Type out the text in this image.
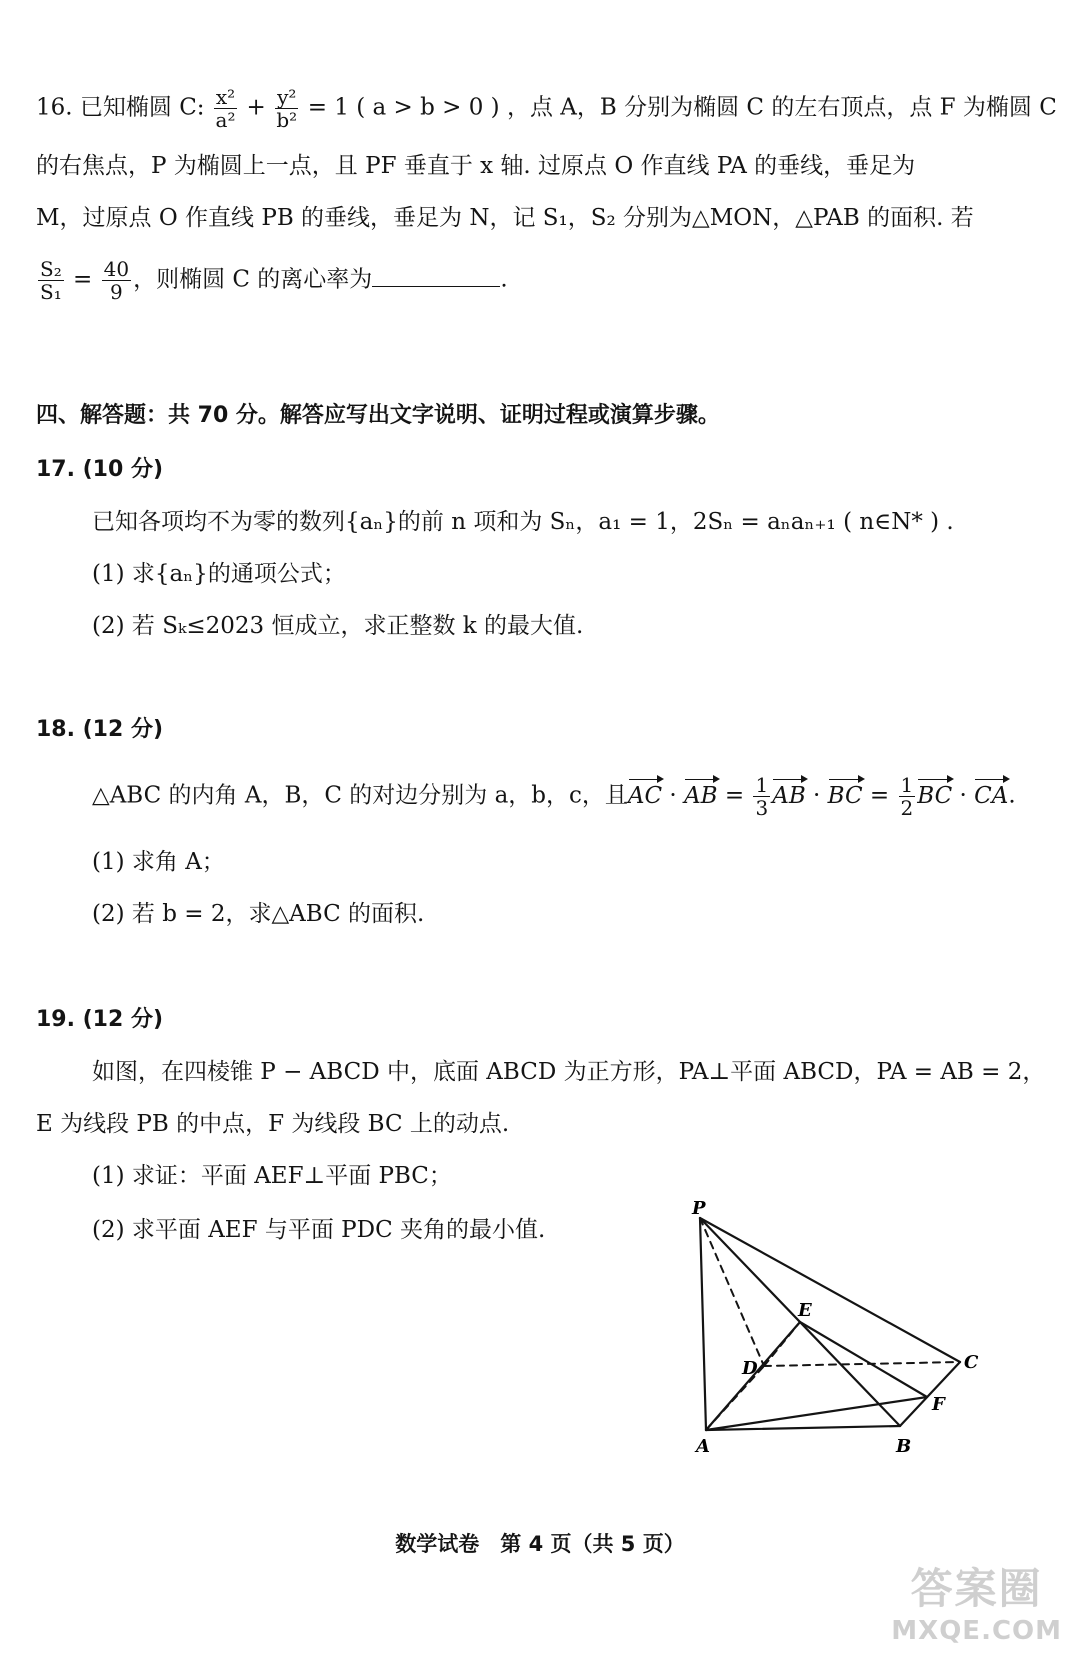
16. 已知椭圆 C: $\frac{\text{x²}}{\text{a²}} + \frac{\text{y²}}{\text{b²}} = 1$ ( a > b > 0 ) ，点 A，B 分别为椭圆 C 的左右顶点，点 F 为椭圆 C
的右焦点，P 为椭圆上一点，且 PF 垂直于 x 轴. 过原点 O 作直线 PA 的垂线，垂足为
M，过原点 O 作直线 PB 的垂线，垂足为 N，记 S₁，S₂ 分别为△MON，△PAB 的面积. 若
$\frac{\text{S₂}}{\text{S₁}} = \frac{40}{9}$ ，则椭圆 C 的离心率为	.
四、解答题：共 70 分。解答应写出文字说明、证明过程或演算步骤。
17. (10 分)
已知各项均不为零的数列{aₙ}的前 n 项和为 Sₙ，a₁ = 1，2Sₙ = aₙaₙ₊₁ ( n∈N* ) .
(1) 求{aₙ}的通项公式；
(2) 若 Sₖ≤2023 恒成立，求正整数 k 的最大值.
18. (12 分)
△ABC 的内角 A，B，C 的对边分别为 a，b，c，且AC · AB = $\frac{1}{3}$ AB · BC = $\frac{1}{2}$ BC · CA.
(1) 求角 A；
(2) 若 b = 2，求△ABC 的面积.
19. (12 分)
如图，在四棱锥 P − ABCD 中，底面 ABCD 为正方形，PA⊥平面 ABCD，PA = AB = 2，
E 为线段 PB 的中点，F 为线段 BC 上的动点.
(1) 求证：平面 AEF⊥平面 PBC；
(2) 求平面 AEF 与平面 PDC 夹角的最小值.
P
E
D	C
F
A	B
数学试卷　第 4 页（共 5 页）
答案圈
MXQE.COM
